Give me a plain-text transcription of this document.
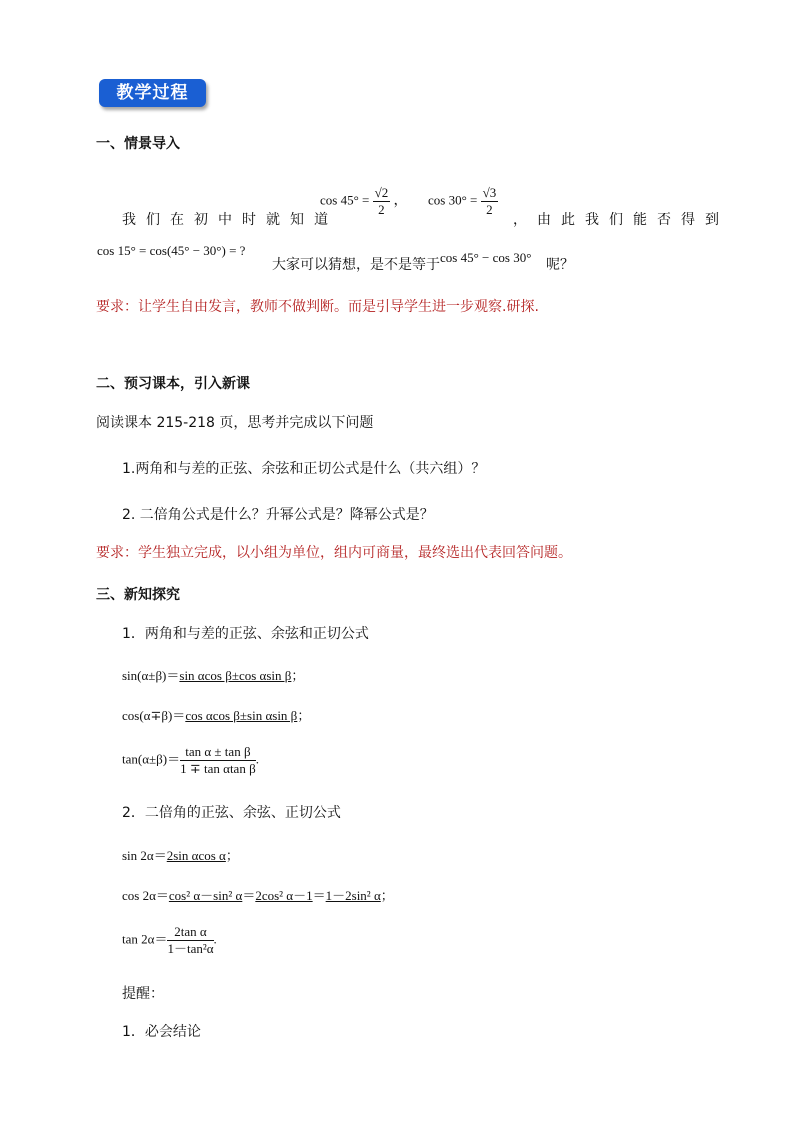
教学过程
一、情景导入
我们在初中时就知道
$\cos 45^\circ = \frac{√2}{2}$ ， $\cos 30^\circ = \frac{√3}{2}$
，由此我们能否得到
cos 15° = cos(45° − 30°) = ?
大家可以猜想，是不是等于 cos 45° − cos 30° 呢？
要求：让学生自由发言，教师不做判断。而是引导学生进一步观察.研探.
二、预习课本，引入新课
阅读课本 215-218 页，思考并完成以下问题
1.两角和与差的正弦、余弦和正切公式是什么（共六组）？
2. 二倍角公式是什么？升幂公式是？降幂公式是？
要求：学生独立完成，以小组为单位，组内可商量，最终选出代表回答问题。
三、新知探究
1．两角和与差的正弦、余弦和正切公式
sin(α±β)＝sin αcos β±cos αsin β；
cos(α∓β)＝cos αcos β±sin αsin β；
$\tan(\alpha\pm\beta)= \frac{\text{tan α ± tan β}}{\text{1 ∓ tan αtan β}}$ .
2．二倍角的正弦、余弦、正切公式
sin 2α＝2sin αcos α；
cos 2α＝cos² α－sin² α＝2cos² α－1＝1－2sin² α；
$\tan 2\alpha= \frac{\text{2tan α}}{\text{1－tan²α}}$ .
提醒：
1．必会结论
